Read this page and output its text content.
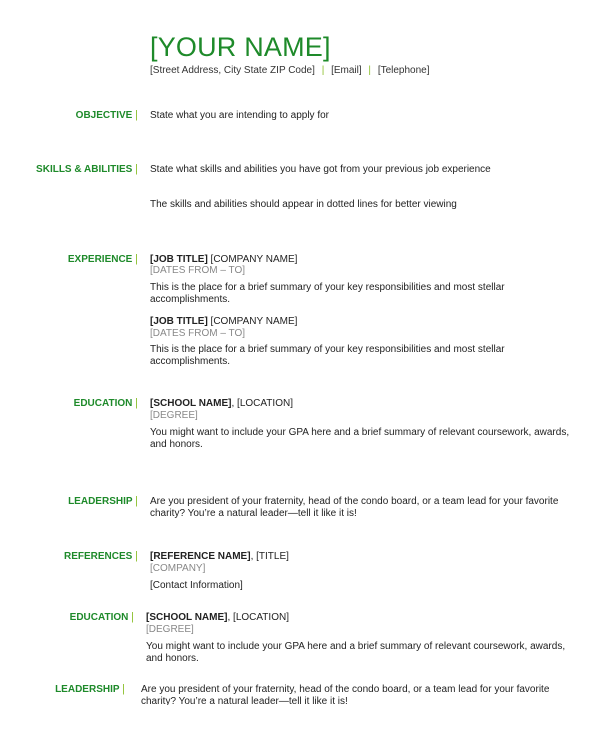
[YOUR NAME]
[Street Address, City State ZIP Code] | [Email] | [Telephone]
OBJECTIVE | State what you are intending to apply for
SKILLS & ABILITIES | State what skills and abilities you have got from your previous job experience
The skills and abilities should appear in dotted lines for better viewing
EXPERIENCE | [JOB TITLE] [COMPANY NAME]
[DATES FROM – TO]
This is the place for a brief summary of your key responsibilities and most stellar accomplishments.
[JOB TITLE] [COMPANY NAME]
[DATES FROM – TO]
This is the place for a brief summary of your key responsibilities and most stellar accomplishments.
EDUCATION | [SCHOOL NAME], [LOCATION]
[DEGREE]
You might want to include your GPA here and a brief summary of relevant coursework, awards, and honors.
LEADERSHIP | Are you president of your fraternity, head of the condo board, or a team lead for your favorite charity? You’re a natural leader—tell it like it is!
REFERENCES | [REFERENCE NAME], [TITLE]
[COMPANY]
[Contact Information]
EDUCATION | [SCHOOL NAME], [LOCATION]
[DEGREE]
You might want to include your GPA here and a brief summary of relevant coursework, awards, and honors.
LEADERSHIP | Are you president of your fraternity, head of the condo board, or a team lead for your favorite charity? You’re a natural leader—tell it like it is!
